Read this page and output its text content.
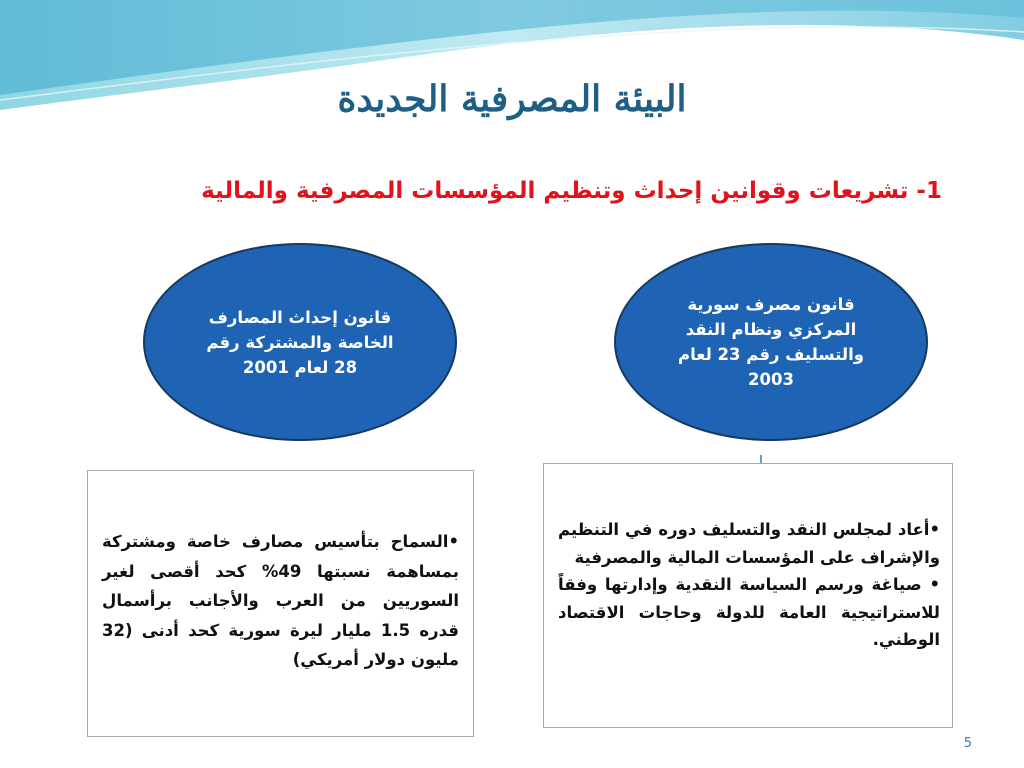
البيئة المصرفية الجديدة
1- تشريعات وقوانين إحداث وتنظيم المؤسسات المصرفية والمالية
قانون إحداث المصارف
الخاصة والمشتركة رقم
28 لعام 2001
قانون مصرف سورية
المركزي ونظام النقد
والتسليف رقم 23 لعام
2003
•السماح بتأسيس مصارف خاصة ومشتركة بمساهمة نسبتها 49% كحد أقصى لغير السوريين من العرب والأجانب برأسمال قدره 1.5 مليار ليرة سورية كحد أدنى (32 مليون دولار أمريكي)
•أعاد لمجلس النقد والتسليف دوره في التنظيم والإشراف على المؤسسات المالية والمصرفية
• صياغة ورسم السياسة النقدية وإدارتها وفقاً للاستراتيجية العامة للدولة وحاجات الاقتصاد الوطني.
5
